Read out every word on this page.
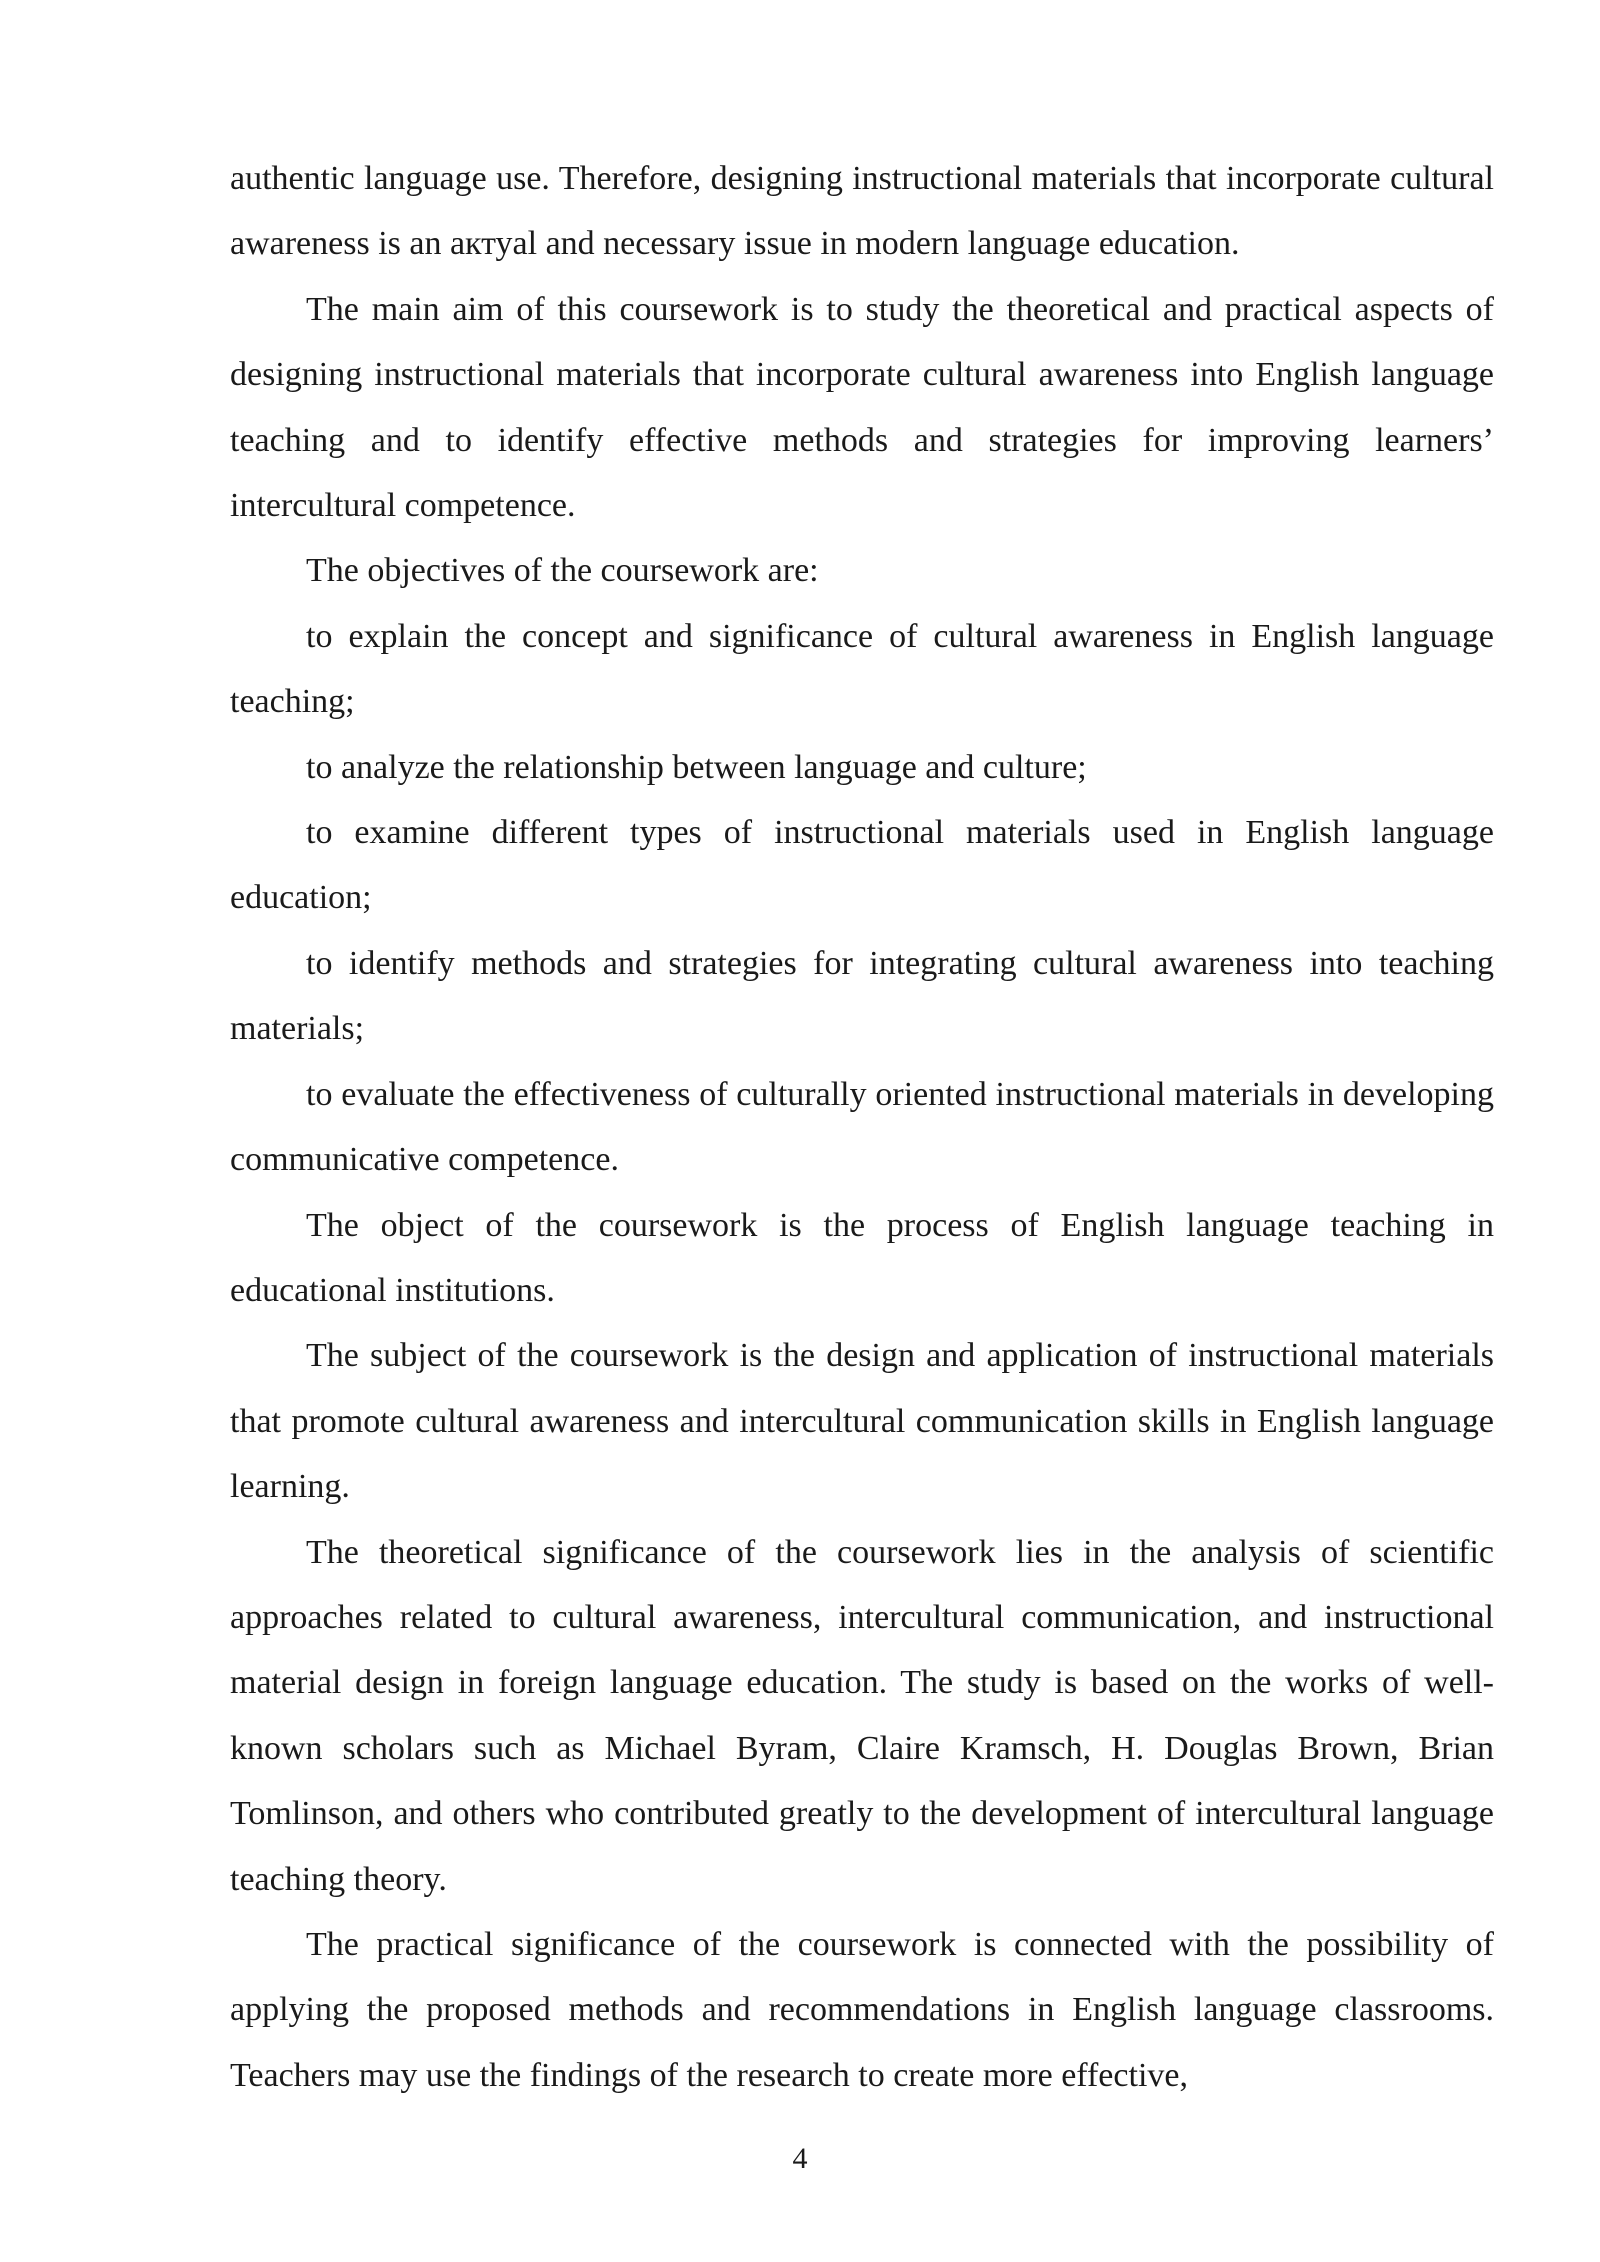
authentic language use. Therefore, designing instructional materials that incorporate cultural awareness is an актуal and necessary issue in modern language education.

The main aim of this coursework is to study the theoretical and practical aspects of designing instructional materials that incorporate cultural awareness into English language teaching and to identify effective methods and strategies for improving learners’ intercultural competence.

The objectives of the coursework are:

to explain the concept and significance of cultural awareness in English language teaching;

to analyze the relationship between language and culture;

to examine different types of instructional materials used in English language education;

to identify methods and strategies for integrating cultural awareness into teaching materials;

to evaluate the effectiveness of culturally oriented instructional materials in developing communicative competence.

The object of the coursework is the process of English language teaching in educational institutions.

The subject of the coursework is the design and application of instructional materials that promote cultural awareness and intercultural communication skills in English language learning.

The theoretical significance of the coursework lies in the analysis of scientific approaches related to cultural awareness, intercultural communication, and instructional material design in foreign language education. The study is based on the works of well-known scholars such as Michael Byram, Claire Kramsch, H. Douglas Brown, Brian Tomlinson, and others who contributed greatly to the development of intercultural language teaching theory.

The practical significance of the coursework is connected with the possibility of applying the proposed methods and recommendations in English language classrooms. Teachers may use the findings of the research to create more effective,

4
